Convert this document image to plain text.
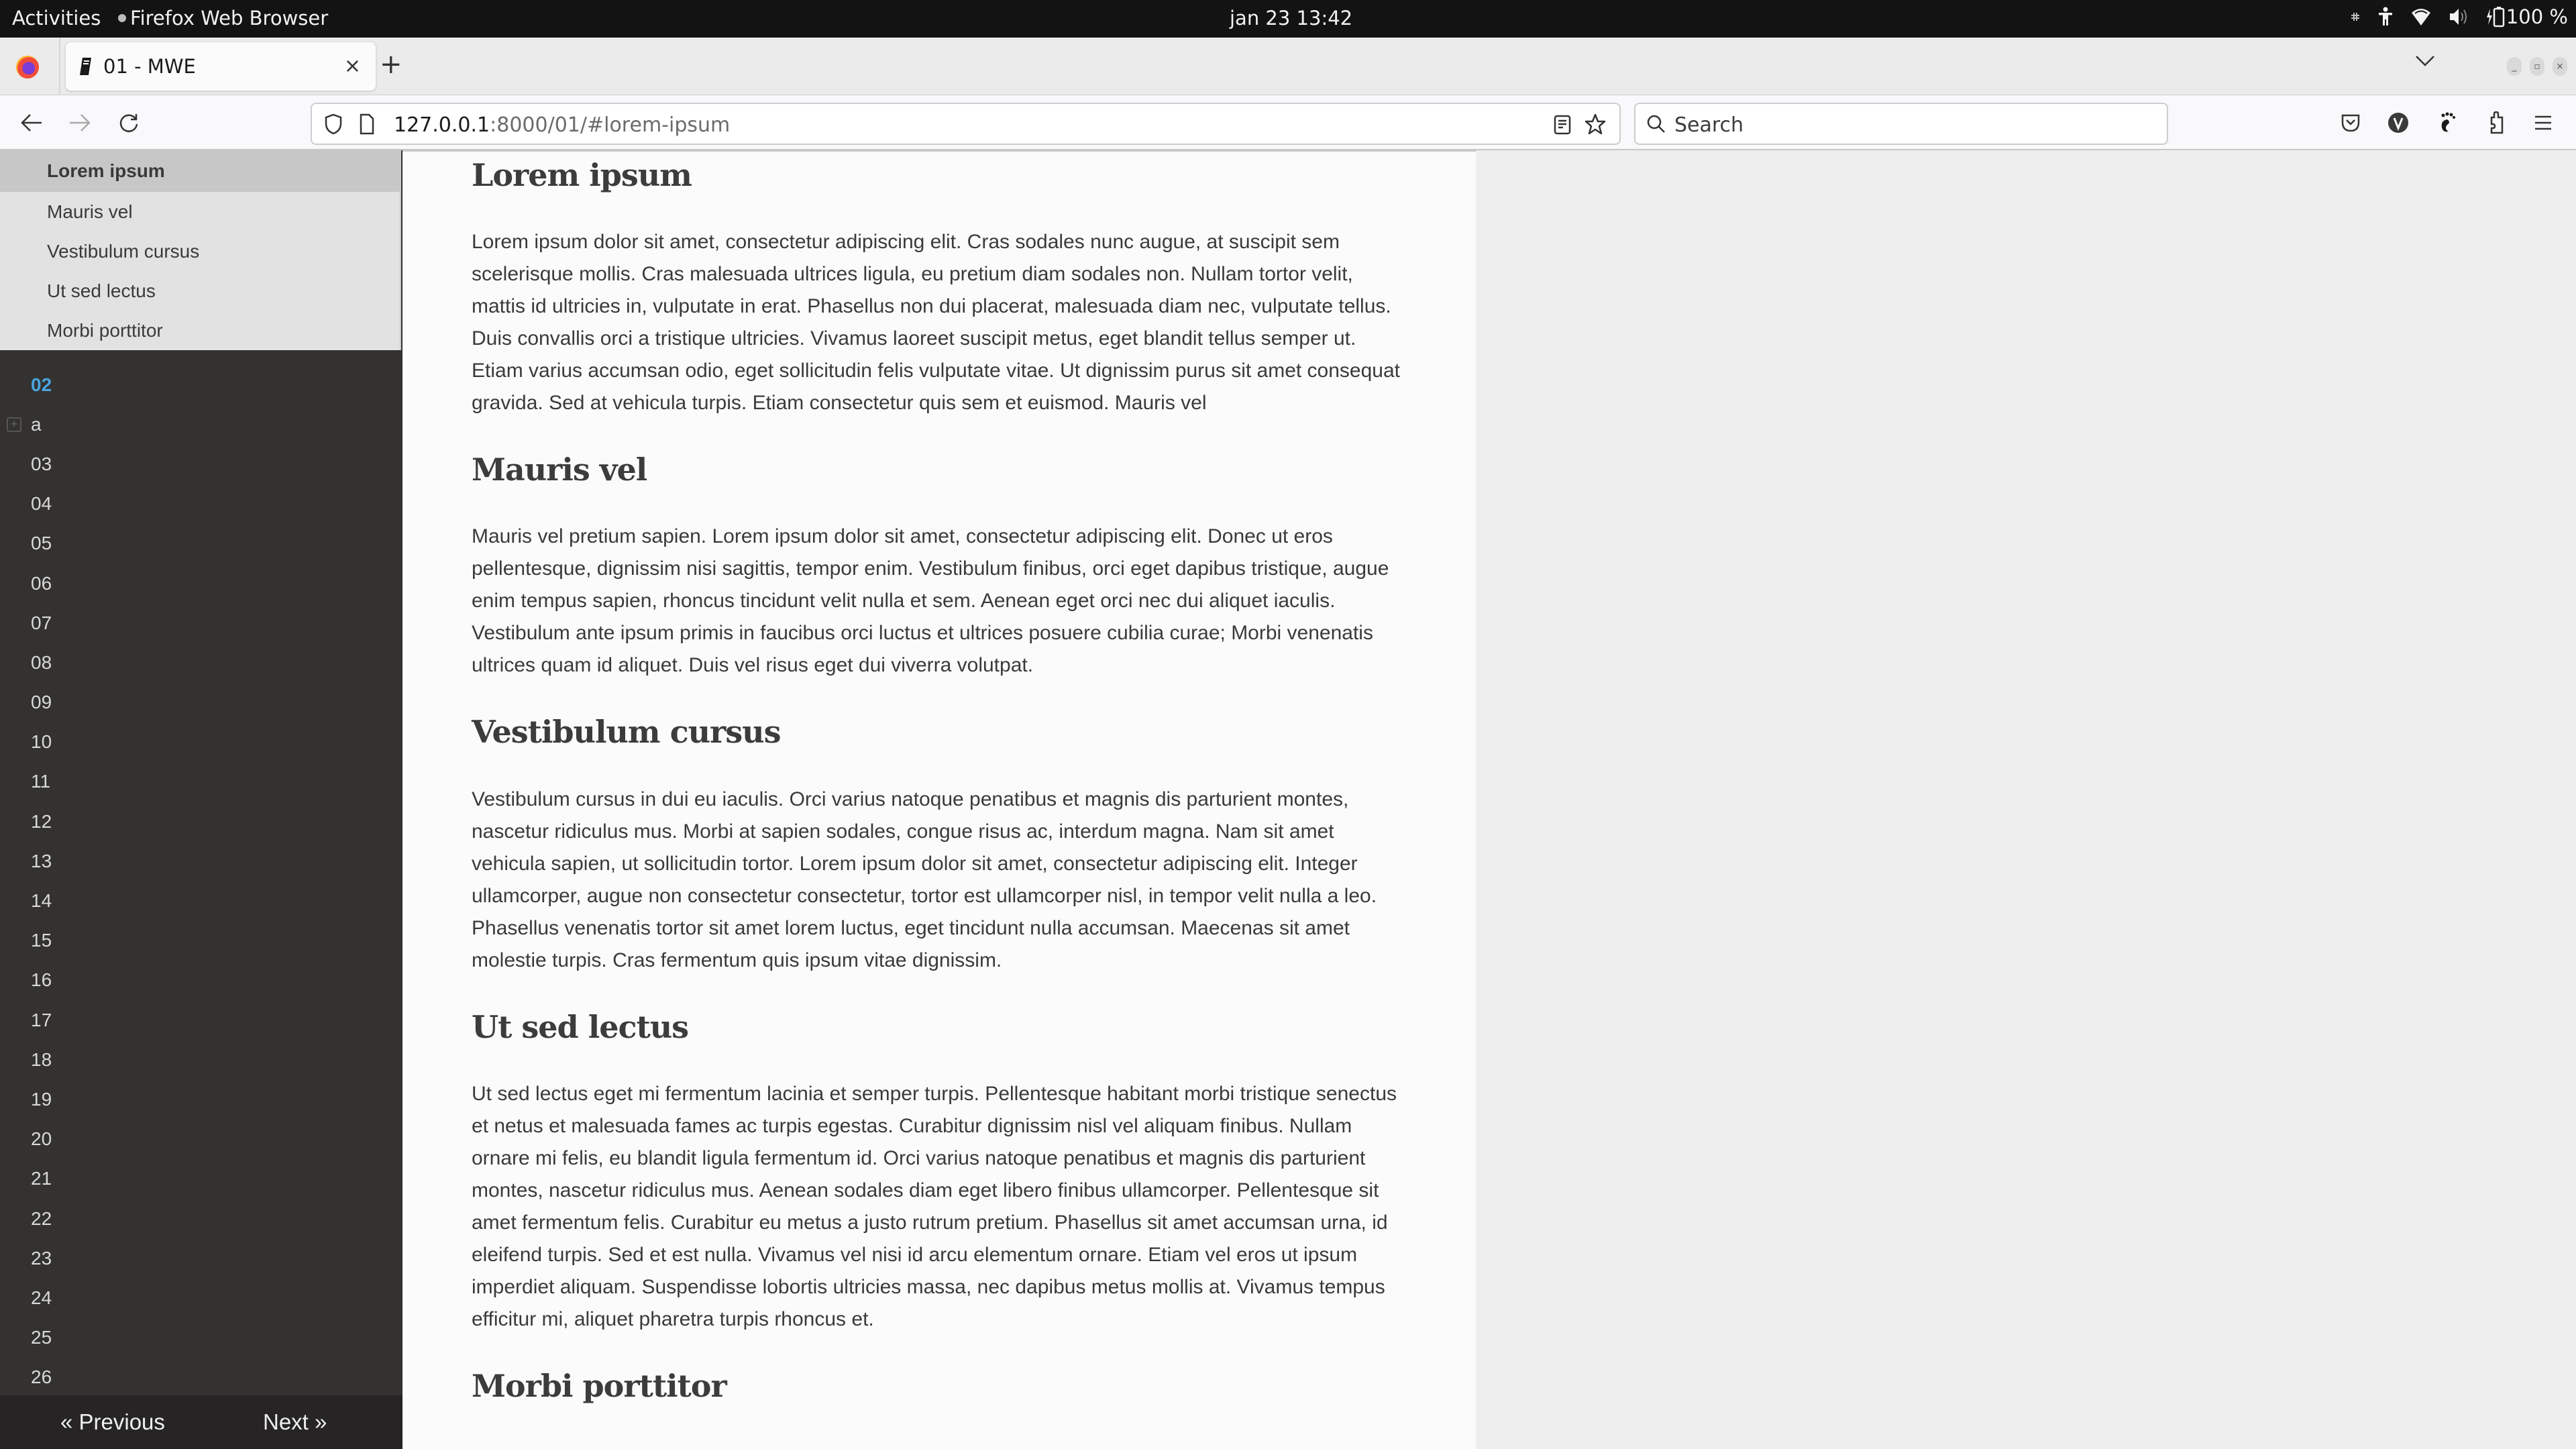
Activities Firefox Web Browser	jan 23 13:42	100 %
01 - MWE	× +	_	▫	×
127.0.0.1:8000/01/#lorem-ipsum	Search
Lorem ipsum
Mauris vel
Vestibulum cursus
Ut sed lectus
Morbi porttitor
02
+ a
03
04
05
06
07
08
09
10
11
12
13
14
15
16
17
18
19
20
21
22
23
24
25
26
« Previous	Next »
Lorem ipsum

Lorem ipsum dolor sit amet, consectetur adipiscing elit. Cras sodales nunc augue, at suscipit sem scelerisque mollis. Cras malesuada ultrices ligula, eu pretium diam sodales non. Nullam tortor velit, mattis id ultricies in, vulputate in erat. Phasellus non dui placerat, malesuada diam nec, vulputate tellus. Duis convallis orci a tristique ultricies. Vivamus laoreet suscipit metus, eget blandit tellus semper ut. Etiam varius accumsan odio, eget sollicitudin felis vulputate vitae. Ut dignissim purus sit amet consequat gravida. Sed at vehicula turpis. Etiam consectetur quis sem et euismod. Mauris vel

Mauris vel

Mauris vel pretium sapien. Lorem ipsum dolor sit amet, consectetur adipiscing elit. Donec ut eros pellentesque, dignissim nisi sagittis, tempor enim. Vestibulum finibus, orci eget dapibus tristique, augue enim tempus sapien, rhoncus tincidunt velit nulla et sem. Aenean eget orci nec dui aliquet iaculis. Vestibulum ante ipsum primis in faucibus orci luctus et ultrices posuere cubilia curae; Morbi venenatis ultrices quam id aliquet. Duis vel risus eget dui viverra volutpat.

Vestibulum cursus

Vestibulum cursus in dui eu iaculis. Orci varius natoque penatibus et magnis dis parturient montes, nascetur ridiculus mus. Morbi at sapien sodales, congue risus ac, interdum magna. Nam sit amet vehicula sapien, ut sollicitudin tortor. Lorem ipsum dolor sit amet, consectetur adipiscing elit. Integer ullamcorper, augue non consectetur consectetur, tortor est ullamcorper nisl, in tempor velit nulla a leo. Phasellus venenatis tortor sit amet lorem luctus, eget tincidunt nulla accumsan. Maecenas sit amet molestie turpis. Cras fermentum quis ipsum vitae dignissim.

Ut sed lectus

Ut sed lectus eget mi fermentum lacinia et semper turpis. Pellentesque habitant morbi tristique senectus et netus et malesuada fames ac turpis egestas. Curabitur dignissim nisl vel aliquam finibus. Nullam ornare mi felis, eu blandit ligula fermentum id. Orci varius natoque penatibus et magnis dis parturient montes, nascetur ridiculus mus. Aenean sodales diam eget libero finibus ullamcorper. Pellentesque sit amet fermentum felis. Curabitur eu metus a justo rutrum pretium. Phasellus sit amet accumsan urna, id eleifend turpis. Sed et est nulla. Vivamus vel nisi id arcu elementum ornare. Etiam vel eros ut ipsum imperdiet aliquam. Suspendisse lobortis ultricies massa, nec dapibus metus mollis at. Vivamus tempus efficitur mi, aliquet pharetra turpis rhoncus et.

Morbi porttitor
